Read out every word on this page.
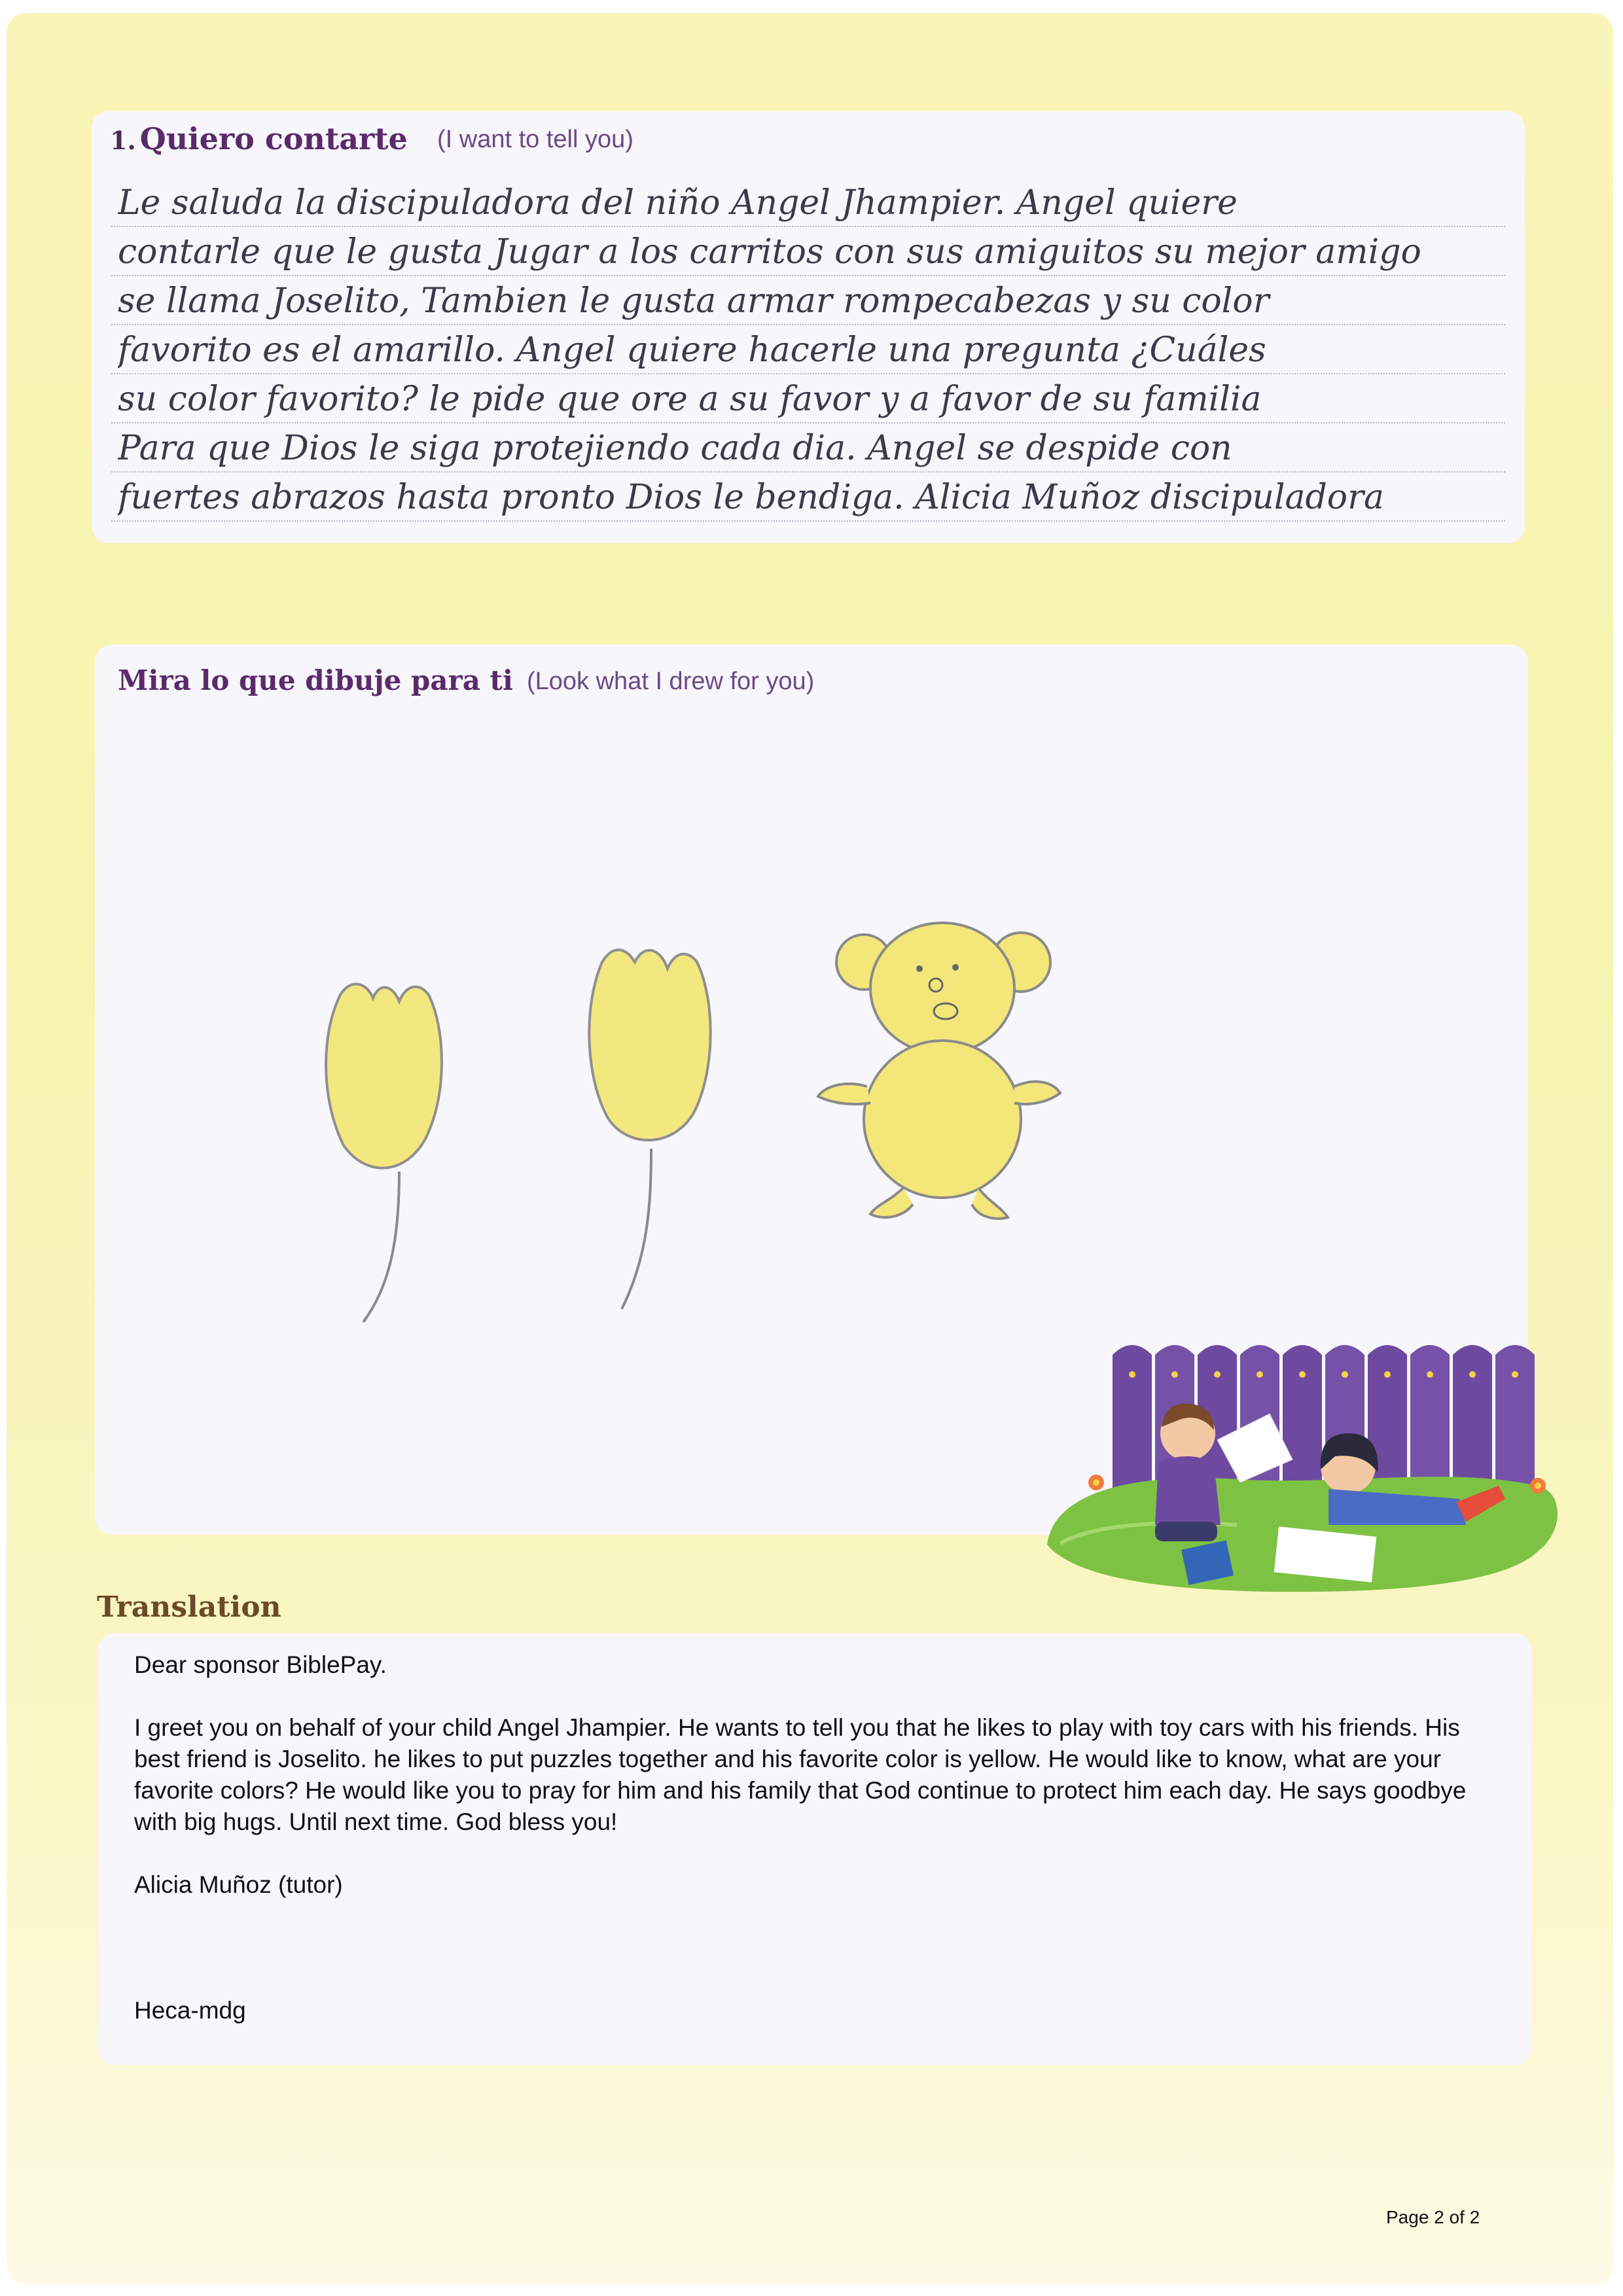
1. Quiero contarte (I want to tell you)
Le saluda la discipuladora del niño Angel Jhampier. Angel quiere
contarle que le gusta Jugar a los carritos con sus amiguitos su mejor amigo
se llama Joselito, Tambien le gusta armar rompecabezas y su color
favorito es el amarillo. Angel quiere hacerle una pregunta ¿Cuáles
su color favorito? le pide que ore a su favor y a favor de su familia
Para que Dios le siga protejiendo cada dia. Angel se despide con
fuertes abrazos hasta pronto Dios le bendiga. Alicia Muñoz discipuladora
Mira lo que dibuje para ti (Look what I drew for you)
Translation

Dear sponsor BiblePay.

I greet you on behalf of your child Angel Jhampier. He wants to tell you that he likes to play with toy cars with his friends. His best friend is Joselito. he likes to put puzzles together and his favorite color is yellow. He would like to know, what are your favorite colors? He would like you to pray for him and his family that God continue to protect him each day. He says goodbye with big hugs. Until next time. God bless you!

Alicia Muñoz (tutor)

Heca-mdg

Page 2 of 2
